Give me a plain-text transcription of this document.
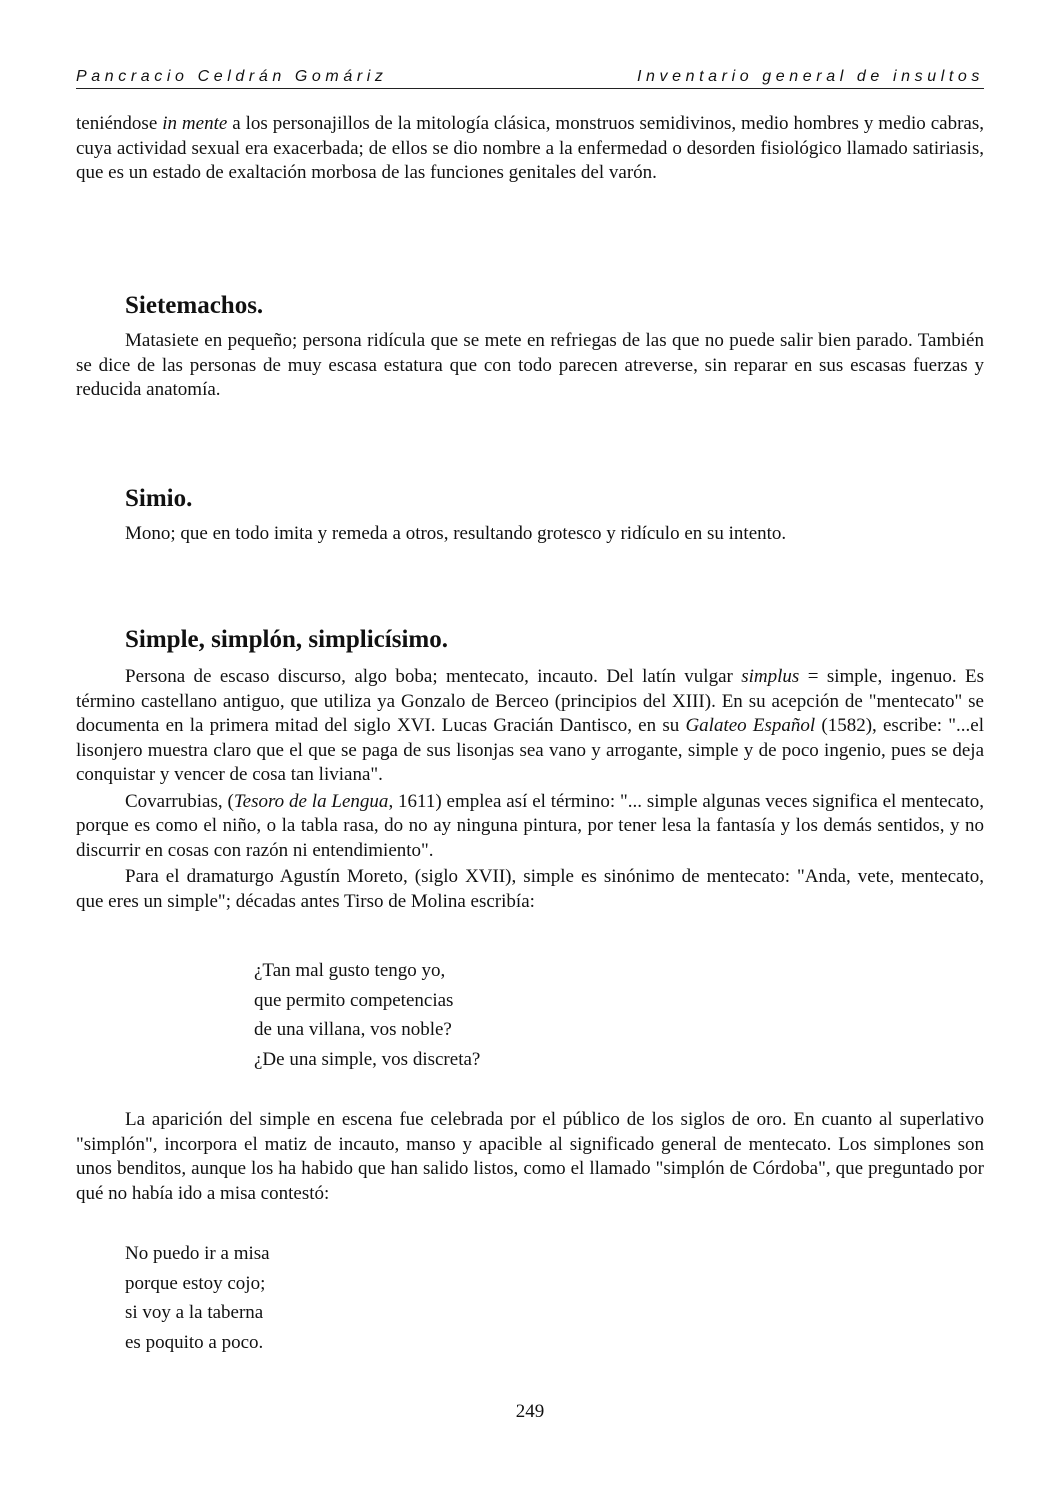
Pancracio Celdrán Gomáriz	Inventario general de insultos

teniéndose in mente a los personajillos de la mitología clásica, monstruos semidivinos, medio hombres y medio cabras, cuya actividad sexual era exacerbada; de ellos se dio nombre a la enfermedad o desorden fisiológico llamado satiriasis, que es un estado de exaltación morbosa de las funciones genitales del varón.

Sietemachos.

Matasiete en pequeño; persona ridícula que se mete en refriegas de las que no puede salir bien parado. También se dice de las personas de muy escasa estatura que con todo parecen atreverse, sin reparar en sus escasas fuerzas y reducida anatomía.

Simio.

Mono; que en todo imita y remeda a otros, resultando grotesco y ridículo en su intento.

Simple, simplón, simplicísimo.

Persona de escaso discurso, algo boba; mentecato, incauto. Del latín vulgar simplus = simple, ingenuo. Es término castellano antiguo, que utiliza ya Gonzalo de Berceo (principios del XIII). En su acepción de "mentecato" se documenta en la primera mitad del siglo XVI. Lucas Gracián Dantisco, en su Galateo Español (1582), escribe: "...el lisonjero muestra claro que el que se paga de sus lisonjas sea vano y arrogante, simple y de poco ingenio, pues se deja conquistar y vencer de cosa tan liviana".

Covarrubias, (Tesoro de la Lengua, 1611) emplea así el término: "... simple algunas veces significa el mentecato, porque es como el niño, o la tabla rasa, do no ay ninguna pintura, por tener lesa la fantasía y los demás sentidos, y no discurrir en cosas con razón ni entendimiento".

Para el dramaturgo Agustín Moreto, (siglo XVII), simple es sinónimo de mentecato: "Anda, vete, mentecato, que eres un simple"; décadas antes Tirso de Molina escribía:

¿Tan mal gusto tengo yo,
que permito competencias
de una villana, vos noble?
¿De una simple, vos discreta?

La aparición del simple en escena fue celebrada por el público de los siglos de oro. En cuanto al superlativo "simplón", incorpora el matiz de incauto, manso y apacible al significado general de mentecato. Los simplones son unos benditos, aunque los ha habido que han salido listos, como el llamado "simplón de Córdoba", que preguntado por qué no había ido a misa contestó:

No puedo ir a misa
porque estoy cojo;
si voy a la taberna
es poquito a poco.
249
